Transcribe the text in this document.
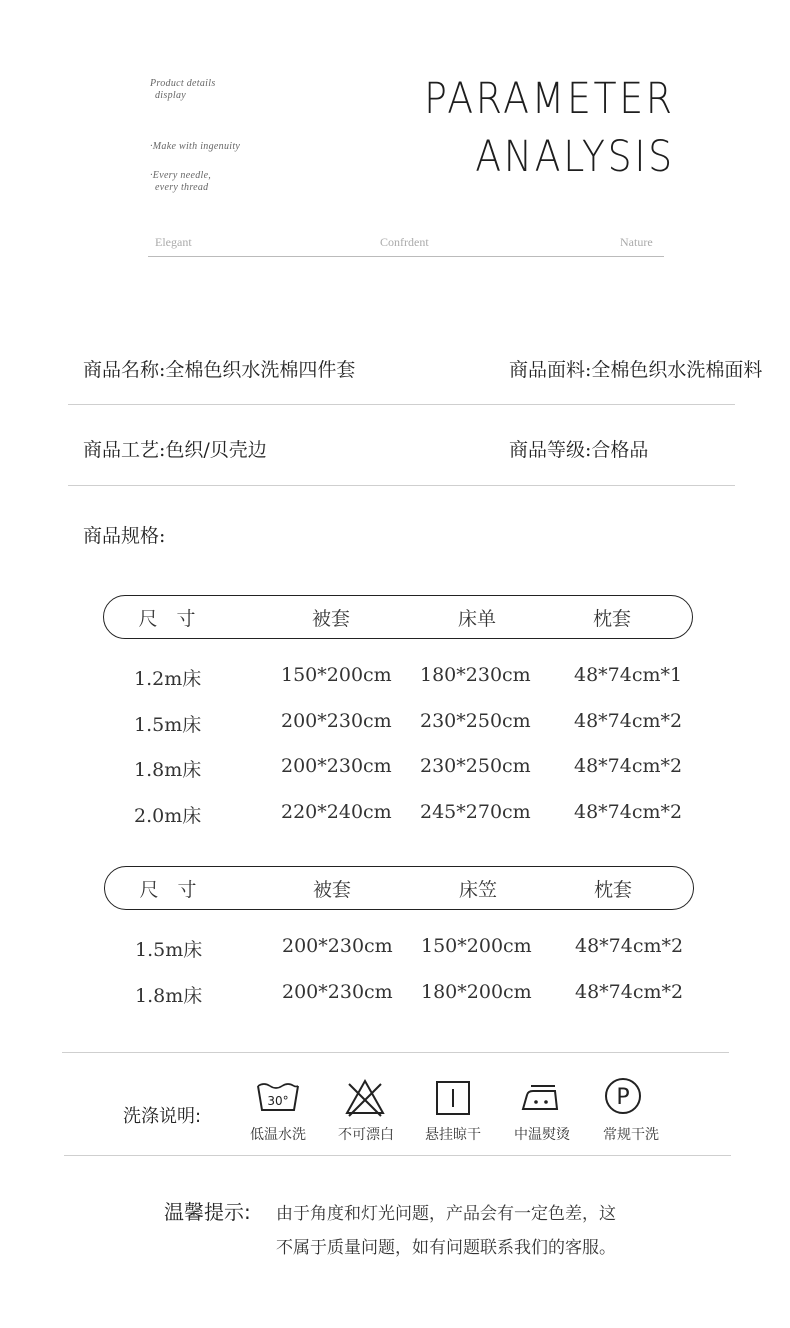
Product details
display
·Make with ingenuity
·Every needle,
every thread
PARAMETER
ANALYSIS
Elegant	Confrdent	Nature
商品名称:全棉色织水洗棉四件套	商品面料:全棉色织水洗棉面料
商品工艺:色织/贝壳边	商品等级:合格品
商品规格:
尺　寸	被套	床单	枕套
1.2m床	150*200cm 180*230cm 48*74cm*1
1.5m床	200*230cm 230*250cm 48*74cm*2
1.8m床	200*230cm 230*250cm 48*74cm*2
2.0m床	220*240cm 245*270cm 48*74cm*2
尺　寸	被套	床笠	枕套
1.5m床	200*230cm 150*200cm 48*74cm*2
1.8m床	200*230cm 180*200cm 48*74cm*2
洗涤说明:
30°
低温水洗	不可漂白	悬挂晾干	中温熨烫
P
常规干洗
温馨提示: 由于角度和灯光问题，产品会有一定色差，这
不属于质量问题，如有问题联系我们的客服。
